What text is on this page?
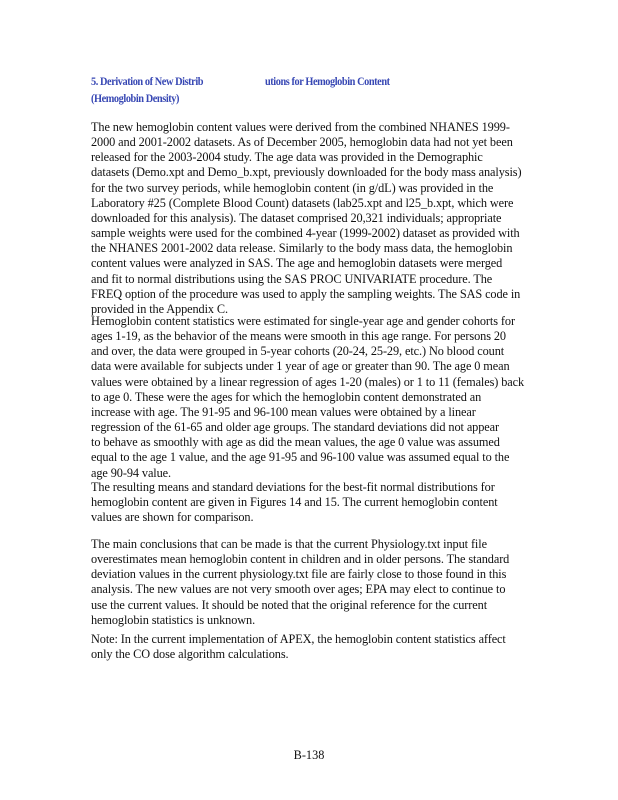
5. Derivation of New Distrib	utions for Hemoglobin Content
(Hemoglobin Density)
The new hemoglobin content values were derived from the combined NHANES 1999-
2000 and 2001-2002 datasets. As of December 2005, hemoglobin data had not yet been
released for the 2003-2004 study. The age data was provided in the Demographic
datasets (Demo.xpt and Demo_b.xpt, previously downloaded for the body mass analysis)
for the two survey periods, while hemoglobin content (in g/dL) was provided in the
Laboratory #25 (Complete Blood Count) datasets (lab25.xpt and l25_b.xpt, which were
downloaded for this analysis). The dataset comprised 20,321 individuals; appropriate
sample weights were used for the combined 4-year (1999-2002) dataset as provided with
the NHANES 2001-2002 data release. Similarly to the body mass data, the hemoglobin
content values were analyzed in SAS. The age and hemoglobin datasets were merged
and fit to normal distributions using the SAS PROC UNIVARIATE procedure. The
FREQ option of the procedure was used to apply the sampling weights. The SAS code in
provided in the Appendix C.
Hemoglobin content statistics were estimated for single-year age and gender cohorts for
ages 1-19, as the behavior of the means were smooth in this age range. For persons 20
and over, the data were grouped in 5-year cohorts (20-24, 25-29, etc.) No blood count
data were available for subjects under 1 year of age or greater than 90. The age 0 mean
values were obtained by a linear regression of ages 1-20 (males) or 1 to 11 (females) back
to age 0. These were the ages for which the hemoglobin content demonstrated an
increase with age. The 91-95 and 96-100 mean values were obtained by a linear
regression of the 61-65 and older age groups. The standard deviations did not appear
to behave as smoothly with age as did the mean values, the age 0 value was assumed
equal to the age 1 value, and the age 91-95 and 96-100 value was assumed equal to the
age 90-94 value.
The resulting means and standard deviations for the best-fit normal distributions for
hemoglobin content are given in Figures 14 and 15. The current hemoglobin content
values are shown for comparison.
The main conclusions that can be made is that the current Physiology.txt input file
overestimates mean hemoglobin content in children and in older persons. The standard
deviation values in the current physiology.txt file are fairly close to those found in this
analysis. The new values are not very smooth over ages; EPA may elect to continue to
use the current values. It should be noted that the original reference for the current
hemoglobin statistics is unknown.
Note: In the current implementation of APEX, the hemoglobin content statistics affect
only the CO dose algorithm calculations.
B-138
